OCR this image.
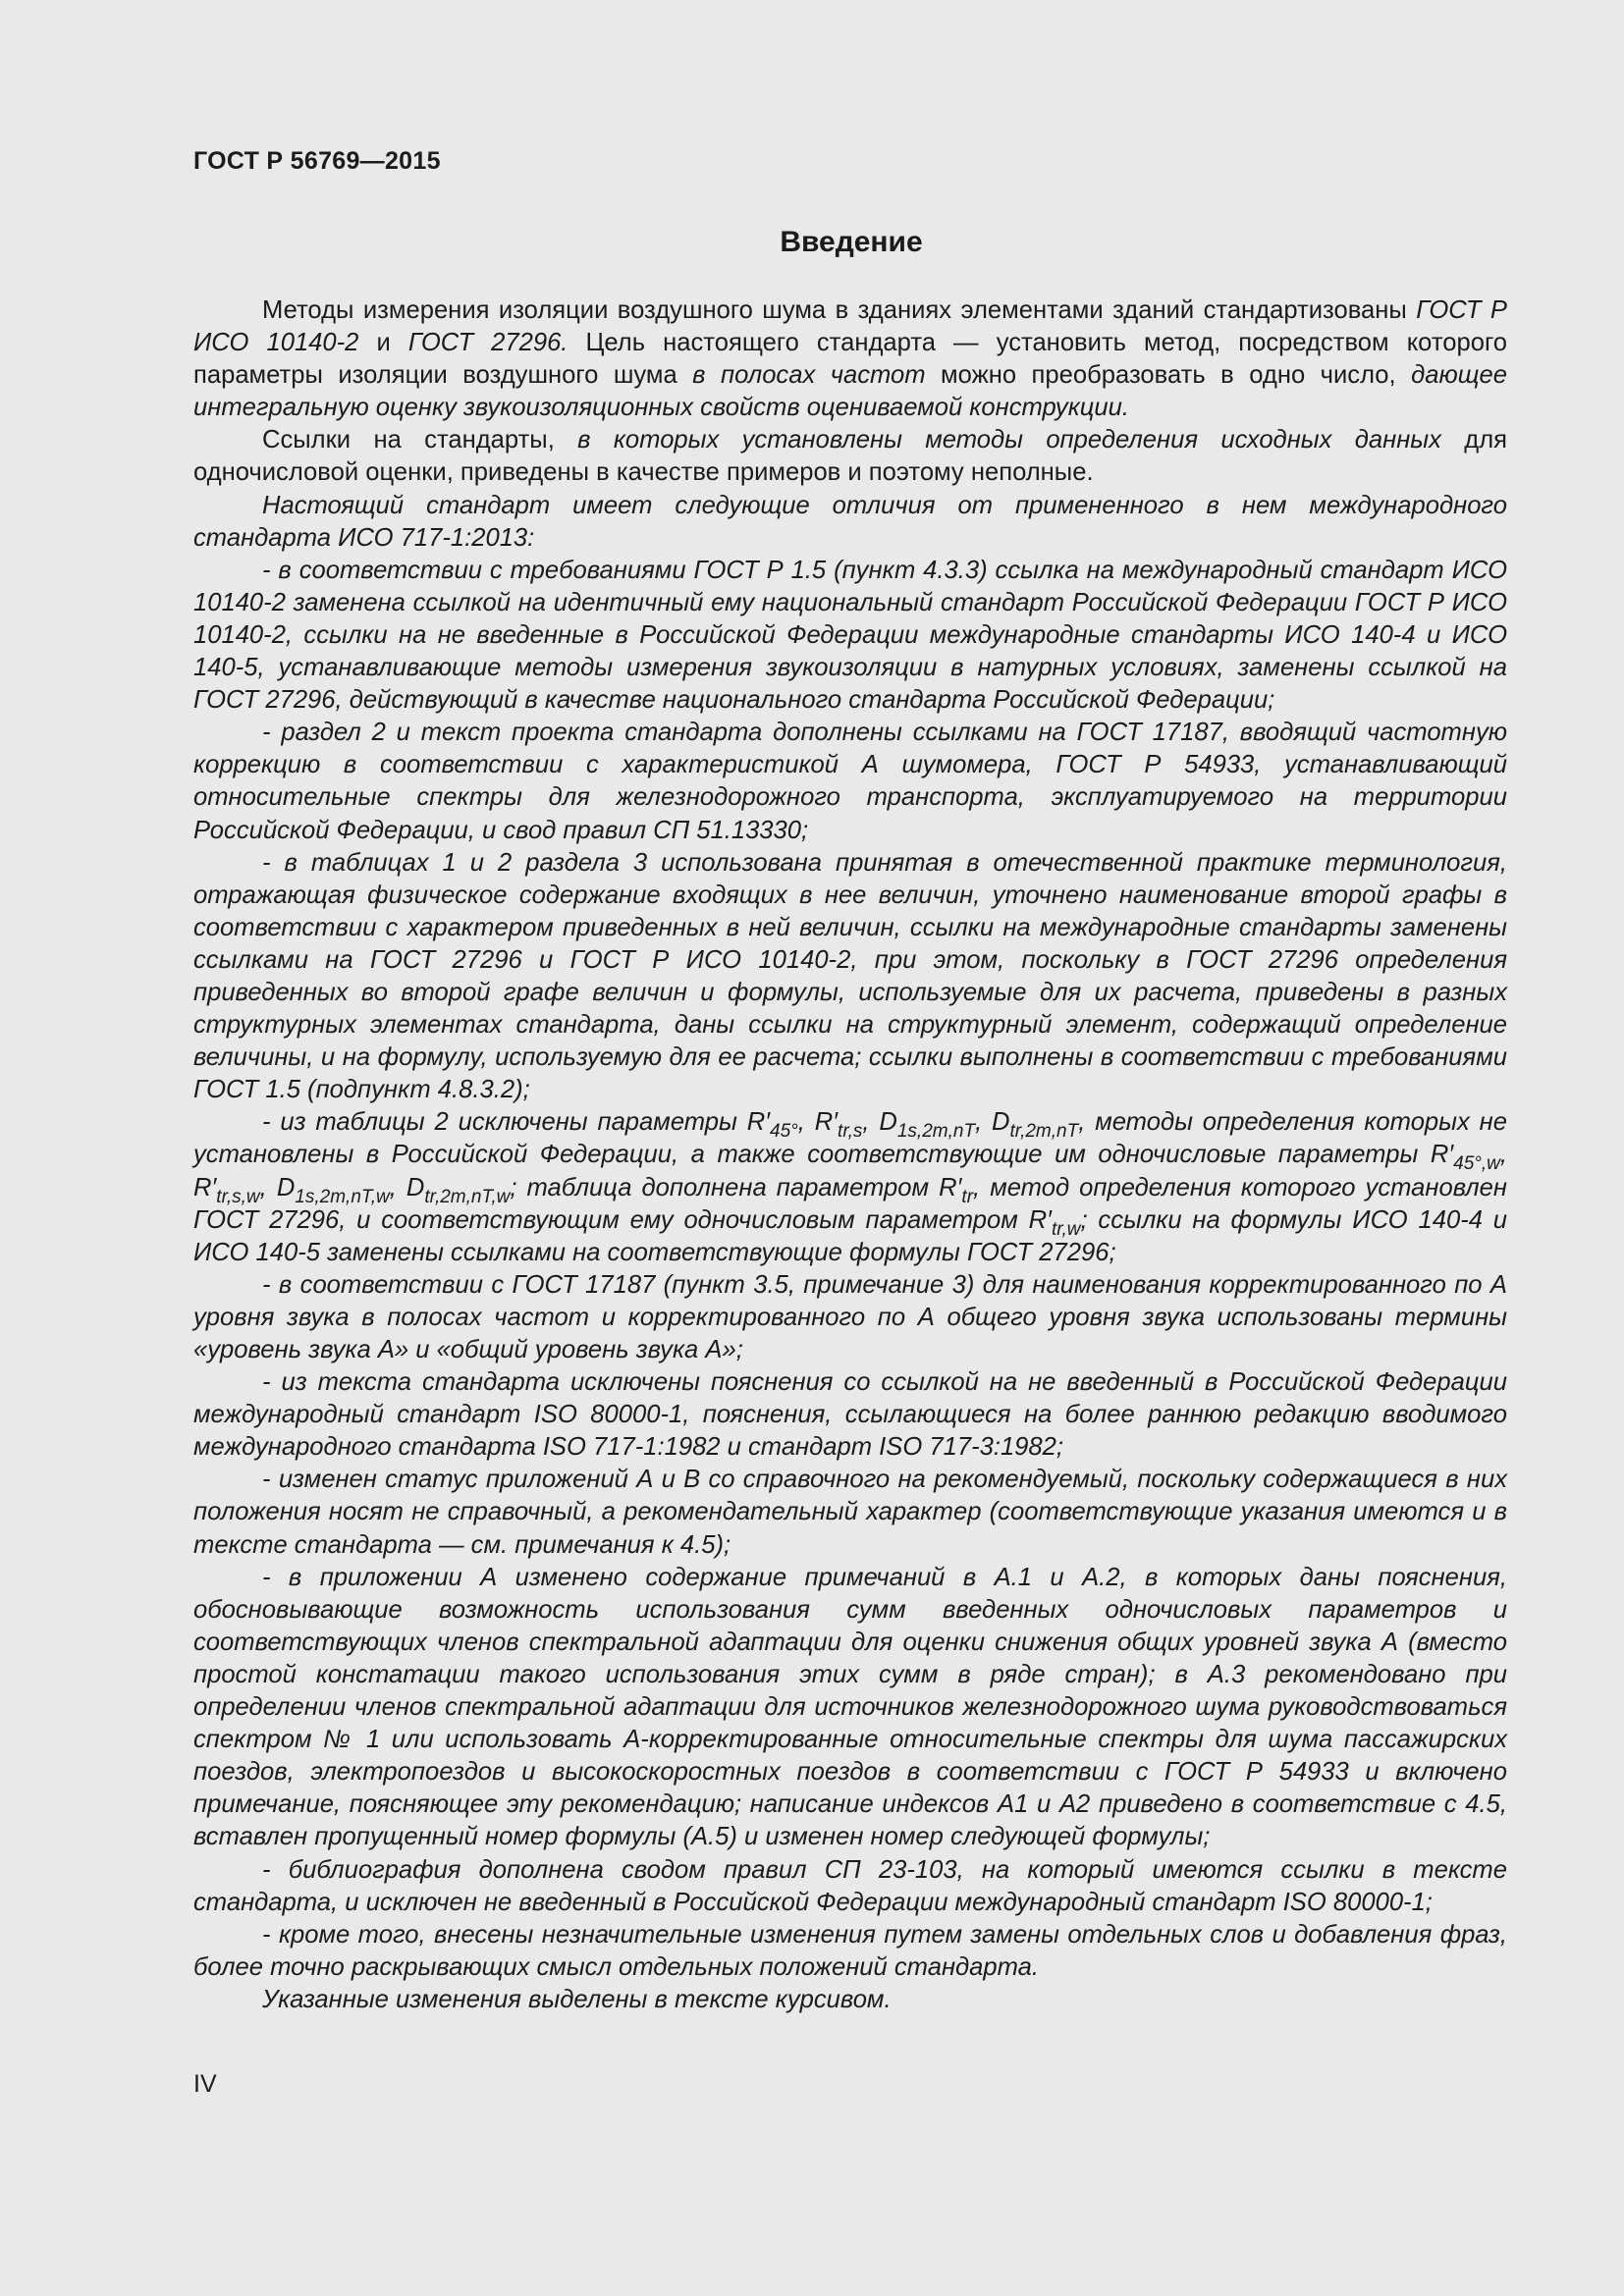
ГОСТ Р 56769—2015
Введение

Методы измерения изоляции воздушного шума в зданиях элементами зданий стандартизованы ГОСТ Р ИСО 10140-2 и ГОСТ 27296. Цель настоящего стандарта — установить метод, посредством которого параметры изоляции воздушного шума в полосах частот можно преобразовать в одно число, дающее интегральную оценку звукоизоляционных свойств оцениваемой конструкции.

Ссылки на стандарты, в которых установлены методы определения исходных данных для одночисловой оценки, приведены в качестве примеров и поэтому неполные.

Настоящий стандарт имеет следующие отличия от примененного в нем международного стандарта ИСО 717-1:2013:

- в соответствии с требованиями ГОСТ Р 1.5 (пункт 4.3.3) ссылка на международный стандарт ИСО 10140-2 заменена ссылкой на идентичный ему национальный стандарт Российской Федерации ГОСТ Р ИСО 10140-2, ссылки на не введенные в Российской Федерации международные стандарты ИСО 140-4 и ИСО 140-5, устанавливающие методы измерения звукоизоляции в натурных условиях, заменены ссылкой на ГОСТ 27296, действующий в качестве национального стандарта Российской Федерации;

- раздел 2 и текст проекта стандарта дополнены ссылками на ГОСТ 17187, вводящий частотную коррекцию в соответствии с характеристикой А шумомера, ГОСТ Р 54933, устанавливающий относительные спектры для железнодорожного транспорта, эксплуатируемого на территории Российской Федерации, и свод правил СП 51.13330;

- в таблицах 1 и 2 раздела 3 использована принятая в отечественной практике терминология, отражающая физическое содержание входящих в нее величин, уточнено наименование второй графы в соответствии с характером приведенных в ней величин, ссылки на международные стандарты заменены ссылками на ГОСТ 27296 и ГОСТ Р ИСО 10140-2, при этом, поскольку в ГОСТ 27296 определения приведенных во второй графе величин и формулы, используемые для их расчета, приведены в разных структурных элементах стандарта, даны ссылки на структурный элемент, содержащий определение величины, и на формулу, используемую для ее расчета; ссылки выполнены в соответствии с требованиями ГОСТ 1.5 (подпункт 4.8.3.2);

- из таблицы 2 исключены параметры $R'_{45^\circ}$, $R'_{tr,s}$, $D_{1s,2m,nT}$, $D_{tr,2m,nT}$, методы определения которых не установлены в Российской Федерации, а также соответствующие им одночисловые параметры $R'_{45^\circ,w}$, $R'_{tr,s,w}$, $D_{1s,2m,nT,w}$, $D_{tr,2m,nT,w}$; таблица дополнена параметром $R'_{tr}$, метод определения которого установлен ГОСТ 27296, и соответствующим ему одночисловым параметром $R'_{tr,w}$; ссылки на формулы ИСО 140-4 и ИСО 140-5 заменены ссылками на соответствующие формулы ГОСТ 27296;

- в соответствии с ГОСТ 17187 (пункт 3.5, примечание 3) для наименования корректированного по А уровня звука в полосах частот и корректированного по А общего уровня звука использованы термины «уровень звука А» и «общий уровень звука А»;

- из текста стандарта исключены пояснения со ссылкой на не введенный в Российской Федерации международный стандарт ISO 80000-1, пояснения, ссылающиеся на более раннюю редакцию вводимого международного стандарта ISO 717-1:1982 и стандарт ISO 717-3:1982;

- изменен статус приложений А и В со справочного на рекомендуемый, поскольку содержащиеся в них положения носят не справочный, а рекомендательный характер (соответствующие указания имеются и в тексте стандарта — см. примечания к 4.5);

- в приложении А изменено содержание примечаний в А.1 и А.2, в которых даны пояснения, обосновывающие возможность использования сумм введенных одночисловых параметров и соответствующих членов спектральной адаптации для оценки снижения общих уровней звука А (вместо простой констатации такого использования этих сумм в ряде стран); в А.3 рекомендовано при определении членов спектральной адаптации для источников железнодорожного шума руководствоваться спектром № 1 или использовать А-корректированные относительные спектры для шума пассажирских поездов, электропоездов и высокоскоростных поездов в соответствии с ГОСТ Р 54933 и включено примечание, поясняющее эту рекомендацию; написание индексов А1 и А2 приведено в соответствие с 4.5, вставлен пропущенный номер формулы (А.5) и изменен номер следующей формулы;

- библиография дополнена сводом правил СП 23-103, на который имеются ссылки в тексте стандарта, и исключен не введенный в Российской Федерации международный стандарт ISO 80000-1;

- кроме того, внесены незначительные изменения путем замены отдельных слов и добавления фраз, более точно раскрывающих смысл отдельных положений стандарта.

Указанные изменения выделены в тексте курсивом.

IV
